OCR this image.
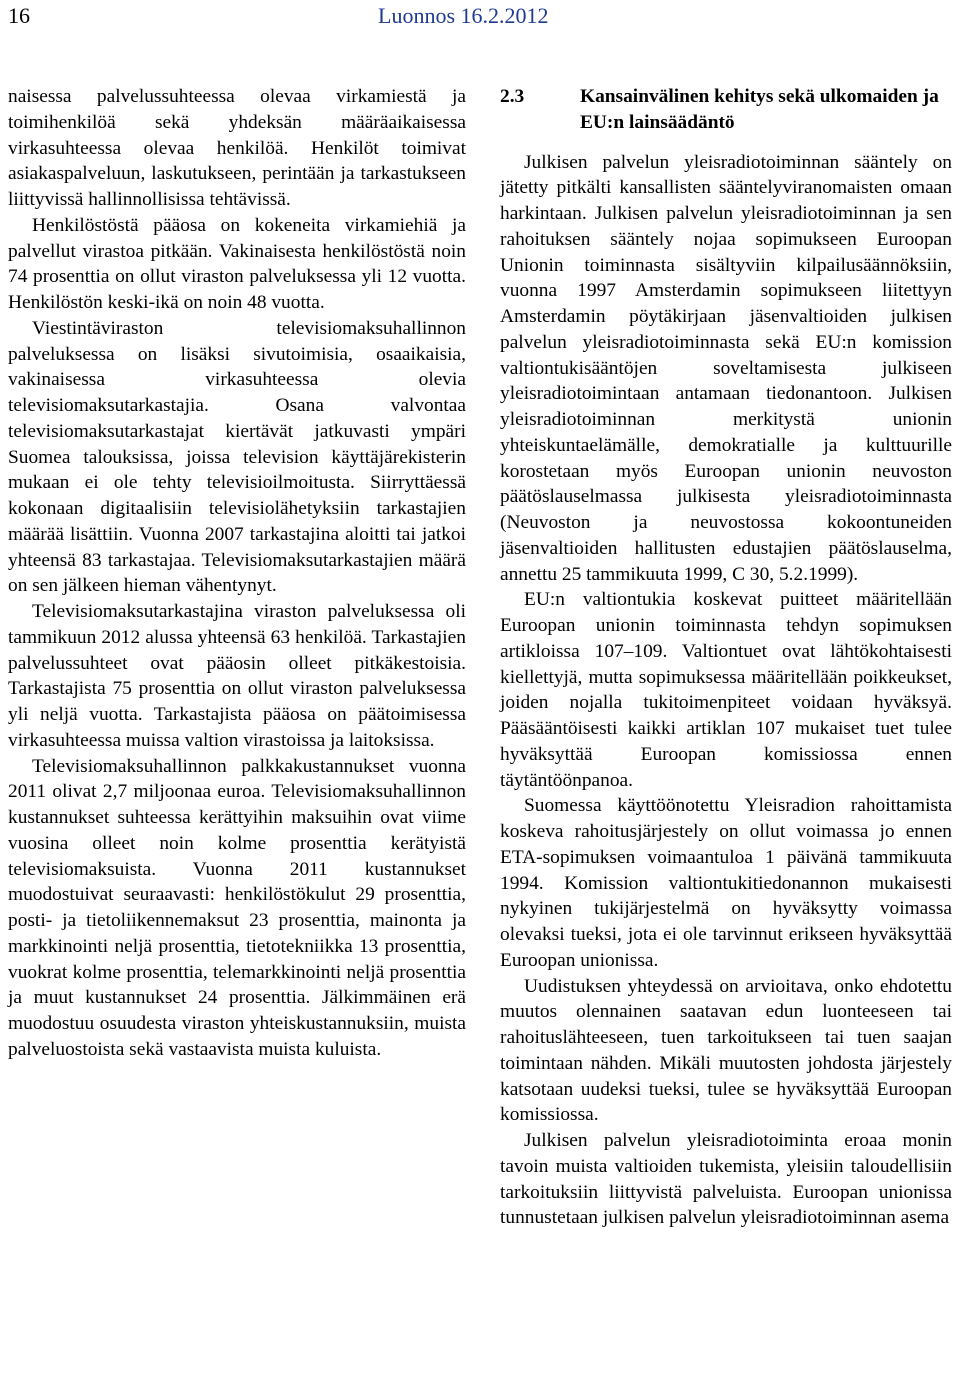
16	Luonnos 16.2.2012

naisessa palvelussuhteessa olevaa virkamiestä ja toimihenkilöä sekä yhdeksän määräaikaisessa virkasuhteessa olevaa henkilöä. Henkilöt toimivat asiakaspalveluun, laskutukseen, perintään ja tarkastukseen liittyvissä hallinnollisissa tehtävissä.

Henkilöstöstä pääosa on kokeneita virkamiehiä ja palvellut virastoa pitkään. Vakinaisesta henkilöstöstä noin 74 prosenttia on ollut viraston palveluksessa yli 12 vuotta. Henkilöstön keski-ikä on noin 48 vuotta.

Viestintäviraston televisiomaksuhallinnon palveluksessa on lisäksi sivutoimisia, osaaikaisia, vakinaisessa virkasuhteessa olevia televisiomaksutarkastajia. Osana valvontaa televisiomaksutarkastajat kiertävät jatkuvasti ympäri Suomea talouksissa, joissa television käyttäjärekisterin mukaan ei ole tehty televisioilmoitusta. Siirryttäessä kokonaan digitaalisiin televisiolähetyksiin tarkastajien määrää lisättiin. Vuonna 2007 tarkastajina aloitti tai jatkoi yhteensä 83 tarkastajaa. Televisiomaksutarkastajien määrä on sen jälkeen hieman vähentynyt.

Televisiomaksutarkastajina viraston palveluksessa oli tammikuun 2012 alussa yhteensä 63 henkilöä. Tarkastajien palvelussuhteet ovat pääosin olleet pitkäkestoisia. Tarkastajista 75 prosenttia on ollut viraston palveluksessa yli neljä vuotta. Tarkastajista pääosa on päätoimisessa virkasuhteessa muissa valtion virastoissa ja laitoksissa.

Televisiomaksuhallinnon palkkakustannukset vuonna 2011 olivat 2,7 miljoonaa euroa. Televisiomaksuhallinnon kustannukset suhteessa kerättyihin maksuihin ovat viime vuosina olleet noin kolme prosenttia kerätyistä televisiomaksuista. Vuonna 2011 kustannukset muodostuivat seuraavasti: henkilöstökulut 29 prosenttia, posti- ja tietoliikennemaksut 23 prosenttia, mainonta ja markkinointi neljä prosenttia, tietotekniikka 13 prosenttia, vuokrat kolme prosenttia, telemarkkinointi neljä prosenttia ja muut kustannukset 24 prosenttia. Jälkimmäinen erä muodostuu osuudesta viraston yhteiskustannuksiin, muista palveluostoista sekä vastaavista muista kuluista.

2.3	Kansainvälinen kehitys sekä ulkomaiden ja EU:n lainsäädäntö

Julkisen palvelun yleisradiotoiminnan sääntely on jätetty pitkälti kansallisten sääntelyviranomaisten omaan harkintaan. Julkisen palvelun yleisradiotoiminnan ja sen rahoituksen sääntely nojaa sopimukseen Euroopan Unionin toiminnasta sisältyviin kilpailusäännöksiin, vuonna 1997 Amsterdamin sopimukseen liitettyyn Amsterdamin pöytäkirjaan jäsenvaltioiden julkisen palvelun yleisradiotoiminnasta sekä EU:n komission valtiontukisääntöjen soveltamisesta julkiseen yleisradiotoimintaan antamaan tiedonantoon. Julkisen yleisradiotoiminnan merkitystä unionin yhteiskuntaelämälle, demokratialle ja kulttuurille korostetaan myös Euroopan unionin neuvoston päätöslauselmassa julkisesta yleisradiotoiminnasta (Neuvoston ja neuvostossa kokoontuneiden jäsenvaltioiden hallitusten edustajien päätöslauselma, annettu 25 tammikuuta 1999, C 30, 5.2.1999).

EU:n valtiontukia koskevat puitteet määritellään Euroopan unionin toiminnasta tehdyn sopimuksen artikloissa 107–109. Valtiontuet ovat lähtökohtaisesti kiellettyjä, mutta sopimuksessa määritellään poikkeukset, joiden nojalla tukitoimenpiteet voidaan hyväksyä. Pääsääntöisesti kaikki artiklan 107 mukaiset tuet tulee hyväksyttää Euroopan komissiossa ennen täytäntöönpanoa.

Suomessa käyttöönotettu Yleisradion rahoittamista koskeva rahoitusjärjestely on ollut voimassa jo ennen ETA-sopimuksen voimaantuloa 1 päivänä tammikuuta 1994. Komission valtiontukitiedonannon mukaisesti nykyinen tukijärjestelmä on hyväksytty voimassa olevaksi tueksi, jota ei ole tarvinnut erikseen hyväksyttää Euroopan unionissa.

Uudistuksen yhteydessä on arvioitava, onko ehdotettu muutos olennainen saatavan edun luonteeseen tai rahoituslähteeseen, tuen tarkoitukseen tai tuen saajan toimintaan nähden. Mikäli muutosten johdosta järjestely katsotaan uudeksi tueksi, tulee se hyväksyttää Euroopan komissiossa.

Julkisen palvelun yleisradiotoiminta eroaa monin tavoin muista valtioiden tukemista, yleisiin taloudellisiin tarkoituksiin liittyvistä palveluista. Euroopan unionissa tunnustetaan julkisen palvelun yleisradiotoiminnan asema
